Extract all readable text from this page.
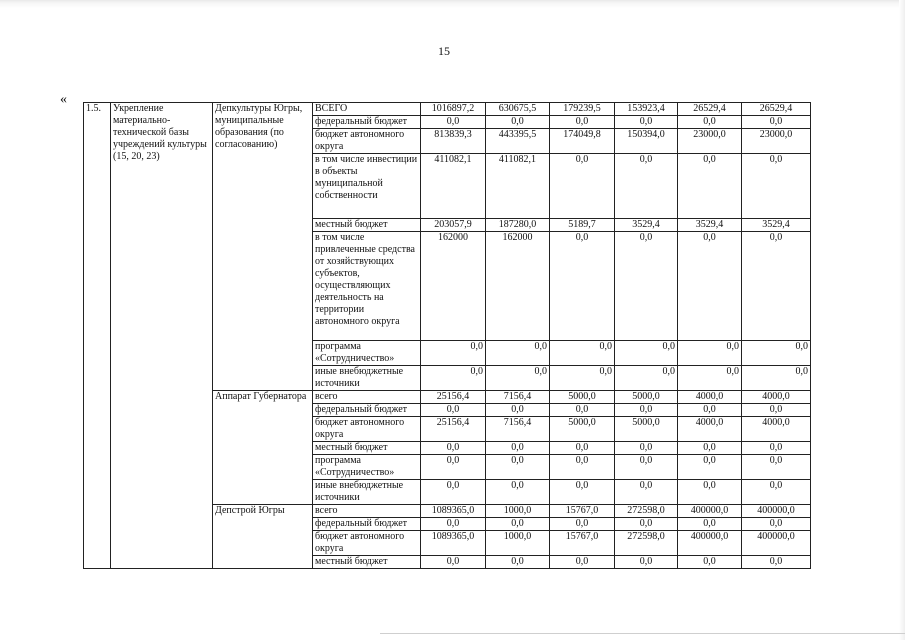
15
«
1.5.	Укрепление материально-технической базы учреждений культуры (15, 20, 23)	Депкультуры Югры, муниципальные образования (по согласованию)	ВСЕГО	1016897,2	630675,5	179239,5	153923,4	26529,4	26529,4
			федеральный бюджет	0,0	0,0	0,0	0,0	0,0	0,0
			бюджет автономного округа	813839,3	443395,5	174049,8	150394,0	23000,0	23000,0
			в том числе инвестиции в объекты муниципальной собственности	411082,1	411082,1	0,0	0,0	0,0	0,0
			местный бюджет	203057,9	187280,0	5189,7	3529,4	3529,4	3529,4
			в том числе привлеченные средства от хозяйствующих субъектов, осуществляющих деятельность на территории автономного округа	162000	162000	0,0	0,0	0,0	0,0
			программа «Сотрудничество»	0,0	0,0	0,0	0,0	0,0	0,0
			иные внебюджетные источники	0,0	0,0	0,0	0,0	0,0	0,0
		Аппарат Губернатора	всего	25156,4	7156,4	5000,0	5000,0	4000,0	4000,0
			федеральный бюджет	0,0	0,0	0,0	0,0	0,0	0,0
			бюджет автономного округа	25156,4	7156,4	5000,0	5000,0	4000,0	4000,0
			местный бюджет	0,0	0,0	0,0	0,0	0,0	0,0
			программа «Сотрудничество»	0,0	0,0	0,0	0,0	0,0	0,0
			иные внебюджетные источники	0,0	0,0	0,0	0,0	0,0	0,0
		Депстрой Югры	всего	1089365,0	1000,0	15767,0	272598,0	400000,0	400000,0
			федеральный бюджет	0,0	0,0	0,0	0,0	0,0	0,0
			бюджет автономного округа	1089365,0	1000,0	15767,0	272598,0	400000,0	400000,0
			местный бюджет	0,0	0,0	0,0	0,0	0,0	0,0
